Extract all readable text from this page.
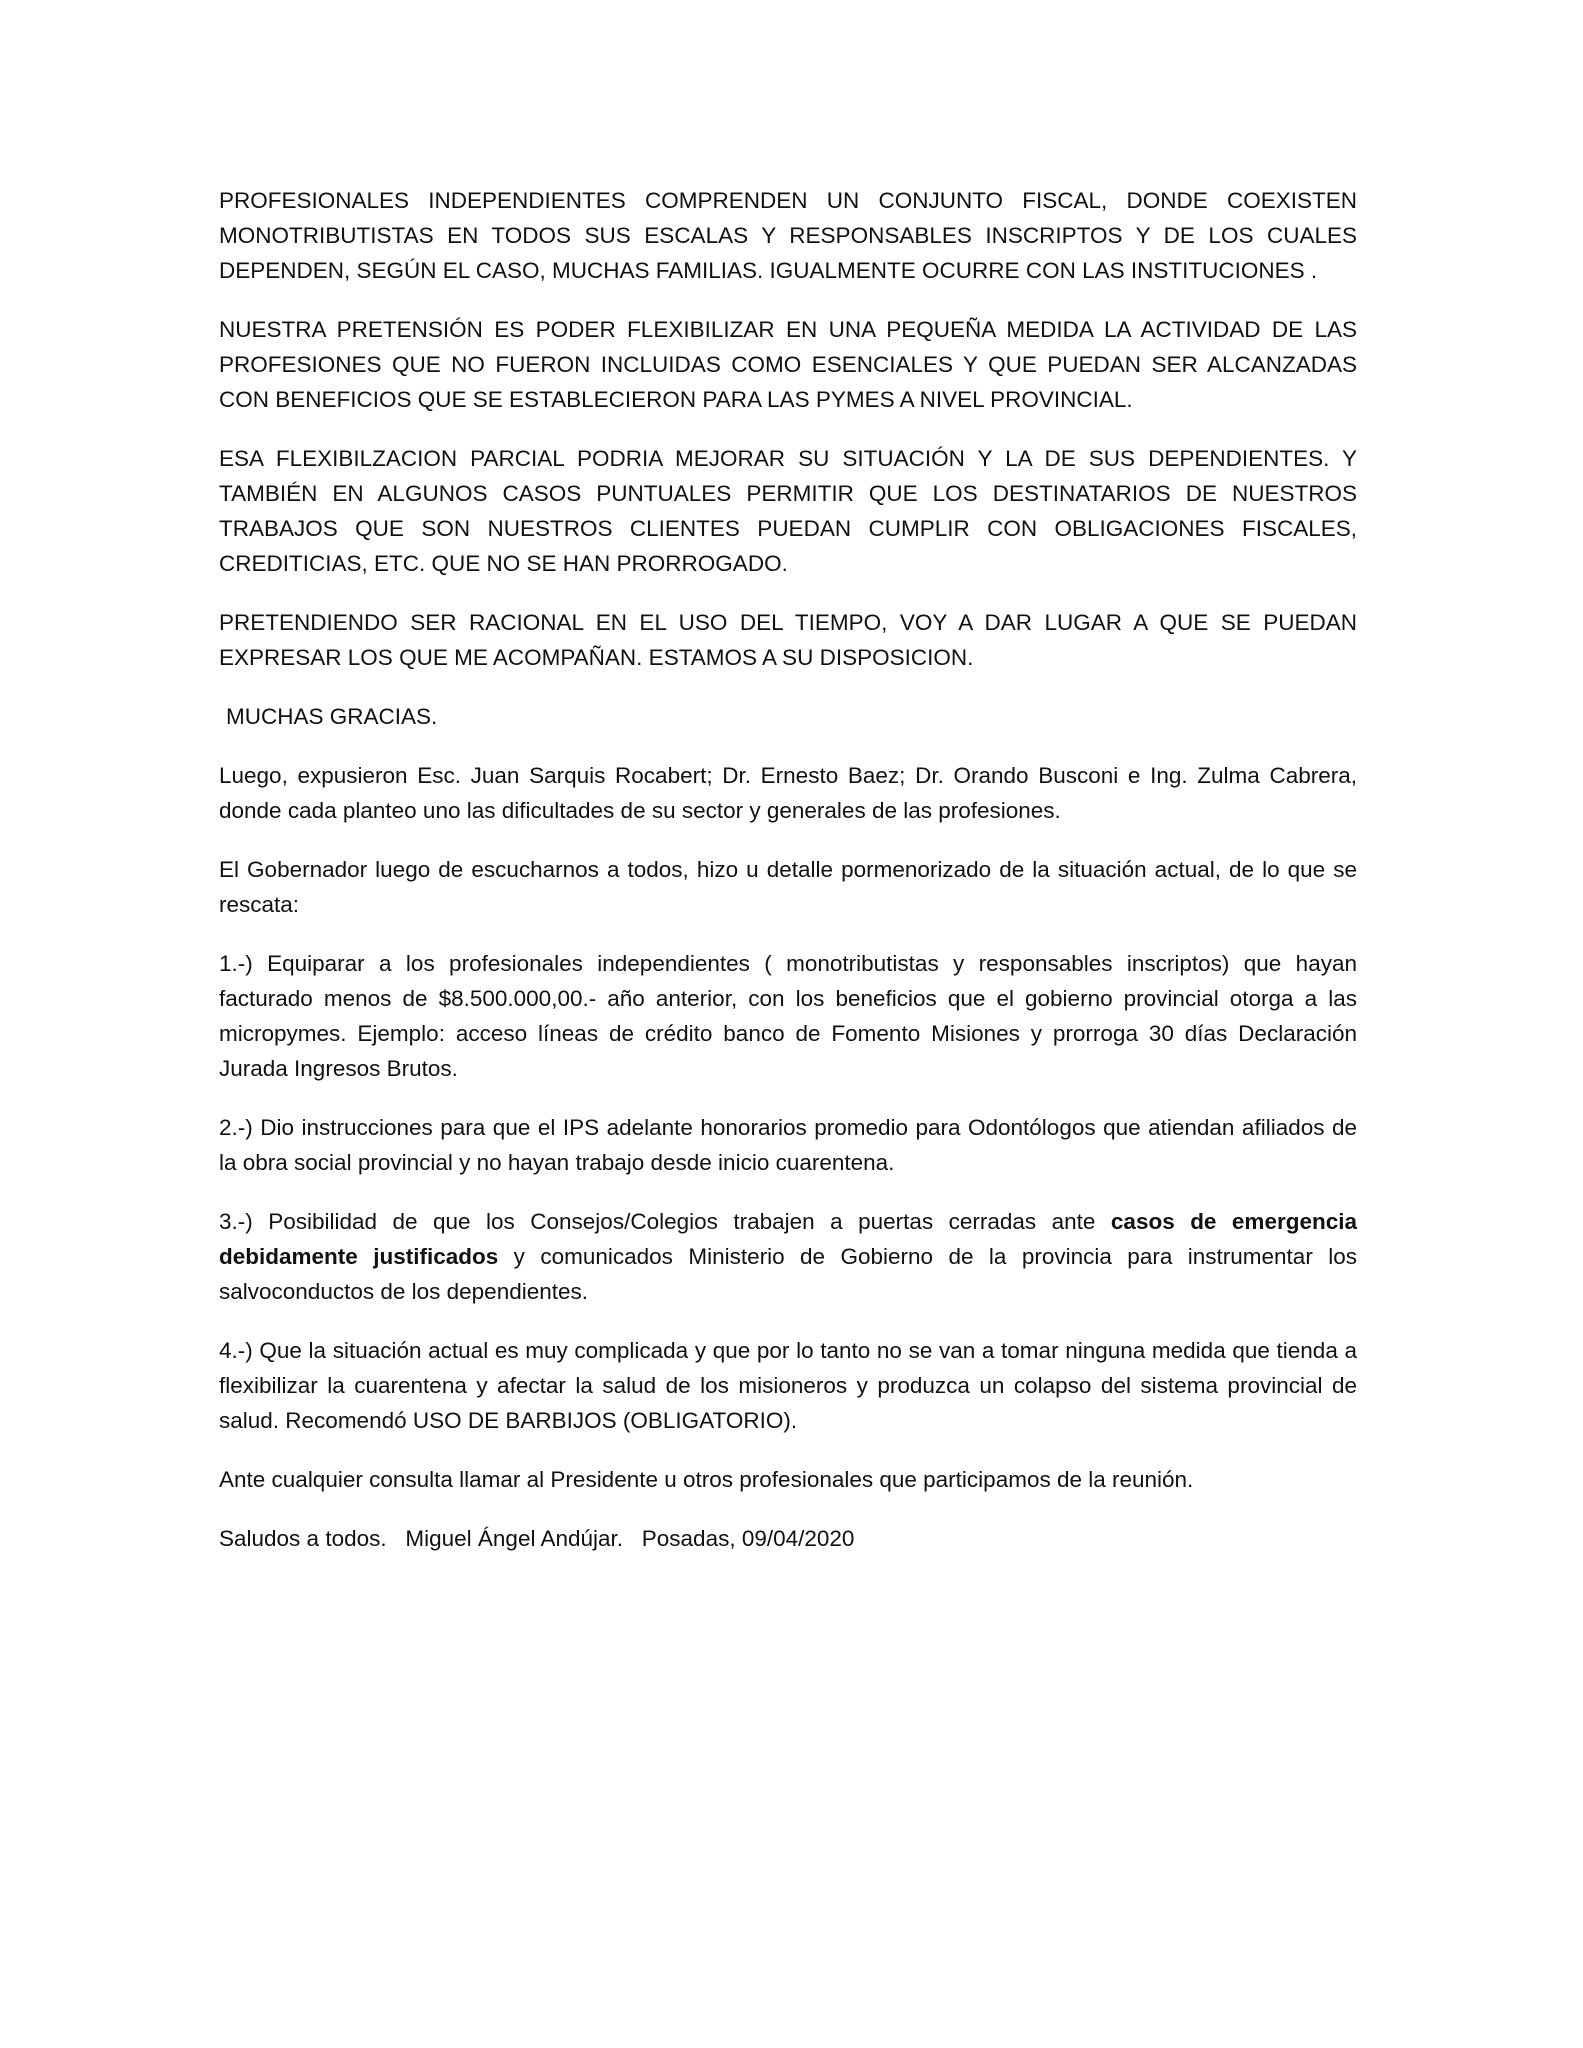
PROFESIONALES INDEPENDIENTES COMPRENDEN UN CONJUNTO FISCAL, DONDE COEXISTEN MONOTRIBUTISTAS EN TODOS SUS ESCALAS Y RESPONSABLES INSCRIPTOS Y DE LOS CUALES DEPENDEN, SEGÚN EL CASO, MUCHAS FAMILIAS. IGUALMENTE OCURRE CON LAS INSTITUCIONES .

NUESTRA PRETENSIÓN ES PODER FLEXIBILIZAR EN UNA PEQUEÑA MEDIDA LA ACTIVIDAD DE LAS PROFESIONES QUE NO FUERON INCLUIDAS COMO ESENCIALES Y QUE PUEDAN SER ALCANZADAS CON BENEFICIOS QUE SE ESTABLECIERON PARA LAS PYMES A NIVEL PROVINCIAL.

ESA FLEXIBILZACION PARCIAL PODRIA MEJORAR SU SITUACIÓN Y LA DE SUS DEPENDIENTES. Y TAMBIÉN EN ALGUNOS CASOS PUNTUALES PERMITIR QUE LOS DESTINATARIOS DE NUESTROS TRABAJOS QUE SON NUESTROS CLIENTES PUEDAN CUMPLIR CON OBLIGACIONES FISCALES, CREDITICIAS, ETC. QUE NO SE HAN PRORROGADO.

PRETENDIENDO SER RACIONAL EN EL USO DEL TIEMPO, VOY A DAR LUGAR A QUE SE PUEDAN EXPRESAR LOS QUE ME ACOMPAÑAN. ESTAMOS A SU DISPOSICION.

MUCHAS GRACIAS.

Luego, expusieron Esc. Juan Sarquis Rocabert; Dr. Ernesto Baez; Dr. Orando Busconi e Ing. Zulma Cabrera, donde cada planteo uno las dificultades de su sector y generales de las profesiones.

El Gobernador luego de escucharnos a todos, hizo u detalle pormenorizado de la situación actual, de lo que se rescata:

1.-) Equiparar a los profesionales independientes ( monotributistas y responsables inscriptos) que hayan facturado menos de $8.500.000,00.- año anterior, con los beneficios que el gobierno provincial otorga a las micropymes. Ejemplo: acceso líneas de crédito banco de Fomento Misiones y prorroga 30 días Declaración Jurada Ingresos Brutos.

2.-) Dio instrucciones para que el IPS adelante honorarios promedio para Odontólogos que atiendan afiliados de la obra social provincial y no hayan trabajo desde inicio cuarentena.

3.-) Posibilidad de que los Consejos/Colegios trabajen a puertas cerradas ante casos de emergencia debidamente justificados y comunicados Ministerio de Gobierno de la provincia para instrumentar los salvoconductos de los dependientes.

4.-) Que la situación actual es muy complicada y que por lo tanto no se van a tomar ninguna medida que tienda a flexibilizar la cuarentena y afectar la salud de los misioneros y produzca un colapso del sistema provincial de salud. Recomendó USO DE BARBIJOS (OBLIGATORIO).

Ante cualquier consulta llamar al Presidente u otros profesionales que participamos de la reunión.

Saludos a todos.   Miguel Ángel Andújar.   Posadas, 09/04/2020
